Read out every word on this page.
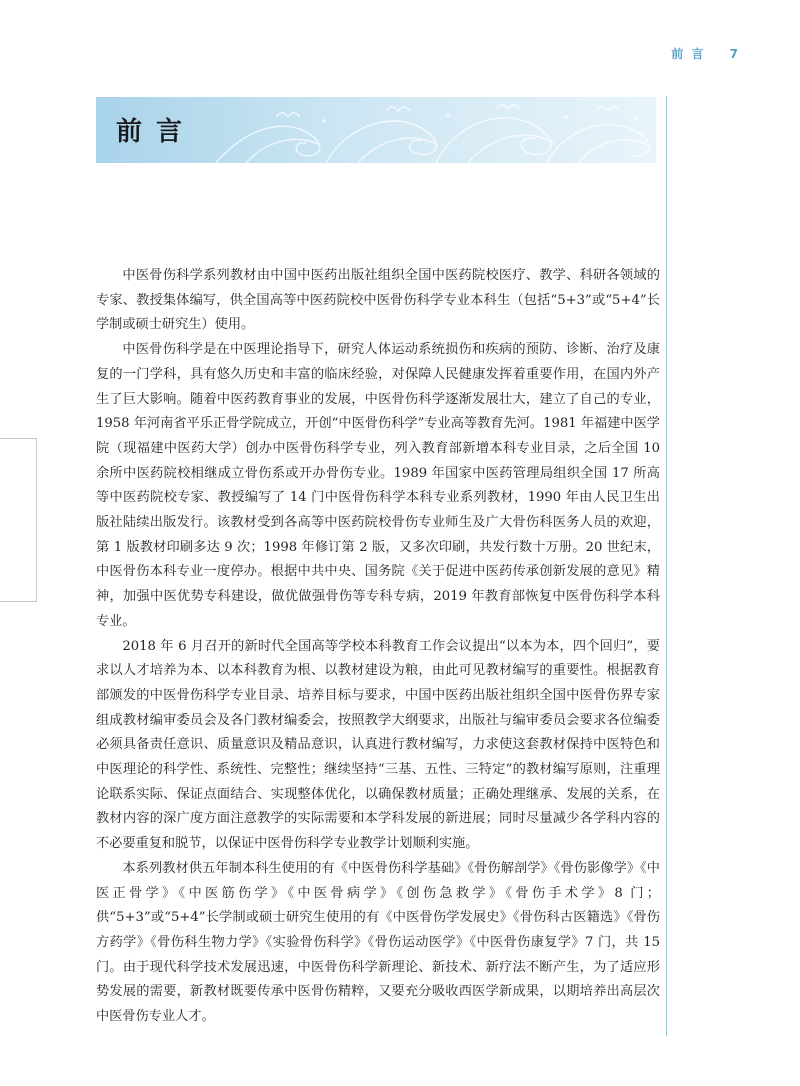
前 言 7
前言

中医骨伤科学系列教材由中国中医药出版社组织全国中医药院校医疗、教学、科研各领域的专家、教授集体编写，供全国高等中医药院校中医骨伤科学专业本科生（包括“5+3”或“5+4”长学制或硕士研究生）使用。

中医骨伤科学是在中医理论指导下，研究人体运动系统损伤和疾病的预防、诊断、治疗及康复的一门学科，具有悠久历史和丰富的临床经验，对保障人民健康发挥着重要作用，在国内外产生了巨大影响。随着中医药教育事业的发展，中医骨伤科学逐渐发展壮大，建立了自己的专业，1958 年河南省平乐正骨学院成立，开创“中医骨伤科学”专业高等教育先河。1981 年福建中医学院（现福建中医药大学）创办中医骨伤科学专业，列入教育部新增本科专业目录，之后全国 10 余所中医药院校相继成立骨伤系或开办骨伤专业。1989 年国家中医药管理局组织全国 17 所高等中医药院校专家、教授编写了 14 门中医骨伤科学本科专业系列教材，1990 年由人民卫生出版社陆续出版发行。该教材受到各高等中医药院校骨伤专业师生及广大骨伤科医务人员的欢迎，第 1 版教材印刷多达 9 次；1998 年修订第 2 版，又多次印刷，共发行数十万册。20 世纪末，中医骨伤本科专业一度停办。根据中共中央、国务院《关于促进中医药传承创新发展的意见》精神，加强中医优势专科建设，做优做强骨伤等专科专病，2019 年教育部恢复中医骨伤科学本科专业。

2018 年 6 月召开的新时代全国高等学校本科教育工作会议提出“以本为本，四个回归”，要求以人才培养为本、以本科教育为根、以教材建设为粮，由此可见教材编写的重要性。根据教育部颁发的中医骨伤科学专业目录、培养目标与要求，中国中医药出版社组织全国中医骨伤界专家组成教材编审委员会及各门教材编委会，按照教学大纲要求，出版社与编审委员会要求各位编委必须具备责任意识、质量意识及精品意识，认真进行教材编写，力求使这套教材保持中医特色和中医理论的科学性、系统性、完整性；继续坚持“三基、五性、三特定”的教材编写原则，注重理论联系实际、保证点面结合、实现整体优化，以确保教材质量；正确处理继承、发展的关系，在教材内容的深广度方面注意教学的实际需要和本学科发展的新进展；同时尽量减少各学科内容的不必要重复和脱节，以保证中医骨伤科学专业教学计划顺利实施。

本系列教材供五年制本科生使用的有《中医骨伤科学基础》《骨伤解剖学》《骨伤影像学》《中医正骨学》《中医筋伤学》《中医骨病学》《创伤急救学》《骨伤手术学》8 门；供“5+3”或“5+4”长学制或硕士研究生使用的有《中医骨伤学发展史》《骨伤科古医籍选》《骨伤方药学》《骨伤科生物力学》《实验骨伤科学》《骨伤运动医学》《中医骨伤康复学》7 门，共 15 门。由于现代科学技术发展迅速，中医骨伤科学新理论、新技术、新疗法不断产生，为了适应形势发展的需要，新教材既要传承中医骨伤精粹，又要充分吸收西医学新成果，以期培养出高层次中医骨伤专业人才。
